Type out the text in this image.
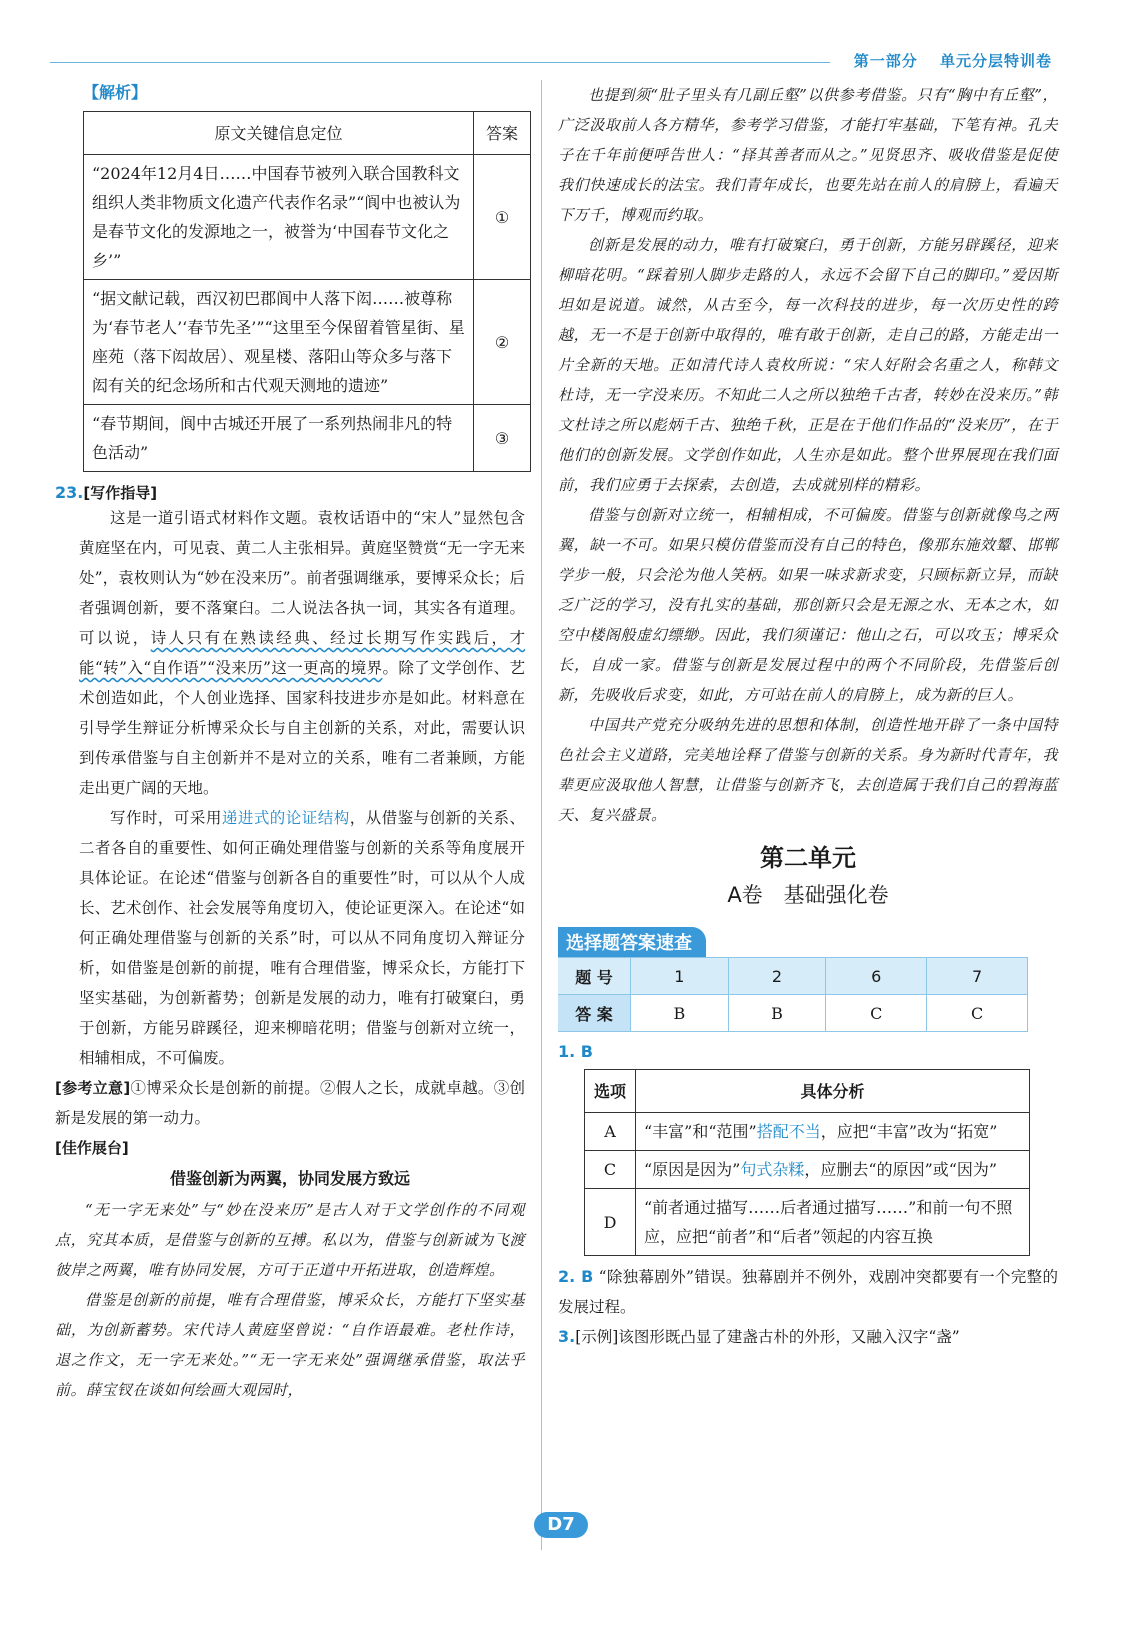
第一部分 单元分层特训卷

【解析】

原文关键信息定位	答案
“2024年12月4日……中国春节被列入联合国教科文组织人类非物质文化遗产代表作名录”“阆中也被认为是春节文化的发源地之一，被誉为‘中国春节文化之乡’”	①
“据文献记载，西汉初巴郡阆中人落下闳……被尊称为‘春节老人’‘春节先圣’”“这里至今保留着管星街、星座苑（落下闳故居）、观星楼、落阳山等众多与落下闳有关的纪念场所和古代观天测地的遗迹”	②
“春节期间，阆中古城还开展了一系列热闹非凡的特色活动”	③

23.[写作指导]

这是一道引语式材料作文题。袁枚话语中的“宋人”显然包含黄庭坚在内，可见袁、黄二人主张相异。黄庭坚赞赏“无一字无来处”，袁枚则认为“妙在没来历”。前者强调继承，要博采众长；后者强调创新，要不落窠臼。二人说法各执一词，其实各有道理。可以说，诗人只有在熟读经典、经过长期写作实践后，才能“转”入“自作语”“没来历”这一更高的境界。除了文学创作、艺术创造如此，个人创业选择、国家科技进步亦是如此。材料意在引导学生辩证分析博采众长与自主创新的关系，对此，需要认识到传承借鉴与自主创新并不是对立的关系，唯有二者兼顾，方能走出更广阔的天地。

写作时，可采用递进式的论证结构，从借鉴与创新的关系、二者各自的重要性、如何正确处理借鉴与创新的关系等角度展开具体论证。在论述“借鉴与创新各自的重要性”时，可以从个人成长、艺术创作、社会发展等角度切入，使论证更深入。在论述“如何正确处理借鉴与创新的关系”时，可以从不同角度切入辩证分析，如借鉴是创新的前提，唯有合理借鉴，博采众长，方能打下坚实基础，为创新蓄势；创新是发展的动力，唯有打破窠臼，勇于创新，方能另辟蹊径，迎来柳暗花明；借鉴与创新对立统一，相辅相成，不可偏废。

[参考立意]①博采众长是创新的前提。②假人之长，成就卓越。③创新是发展的第一动力。

[佳作展台]

借鉴创新为两翼，协同发展方致远

“无一字无来处”与“妙在没来历”是古人对于文学创作的不同观点，究其本质，是借鉴与创新的互搏。私以为，借鉴与创新诚为飞渡彼岸之两翼，唯有协同发展，方可于正道中开拓进取，创造辉煌。

借鉴是创新的前提，唯有合理借鉴，博采众长，方能打下坚实基础，为创新蓄势。宋代诗人黄庭坚曾说：“自作语最难。老杜作诗，退之作文，无一字无来处。”“无一字无来处”强调继承借鉴，取法乎前。薛宝钗在谈如何绘画大观园时，

也提到须“肚子里头有几副丘壑”以供参考借鉴。只有“胸中有丘壑”，广泛汲取前人各方精华，参考学习借鉴，才能打牢基础，下笔有神。孔夫子在千年前便呼告世人：“择其善者而从之。”见贤思齐、吸收借鉴是促使我们快速成长的法宝。我们青年成长，也要先站在前人的肩膀上，看遍天下万千，博观而约取。

创新是发展的动力，唯有打破窠臼，勇于创新，方能另辟蹊径，迎来柳暗花明。“踩着别人脚步走路的人，永远不会留下自己的脚印。”爱因斯坦如是说道。诚然，从古至今，每一次科技的进步，每一次历史性的跨越，无一不是于创新中取得的，唯有敢于创新，走自己的路，方能走出一片全新的天地。正如清代诗人袁枚所说：“宋人好附会名重之人，称韩文杜诗，无一字没来历。不知此二人之所以独绝千古者，转妙在没来历。”韩文杜诗之所以彪炳千古、独绝千秋，正是在于他们作品的“没来历”，在于他们的创新发展。文学创作如此，人生亦是如此。整个世界展现在我们面前，我们应勇于去探索，去创造，去成就别样的精彩。

借鉴与创新对立统一，相辅相成，不可偏废。借鉴与创新就像鸟之两翼，缺一不可。如果只模仿借鉴而没有自己的特色，像那东施效颦、邯郸学步一般，只会沦为他人笑柄。如果一味求新求变，只顾标新立异，而缺乏广泛的学习，没有扎实的基础，那创新只会是无源之水、无本之木，如空中楼阁般虚幻缥缈。因此，我们须谨记：他山之石，可以攻玉；博采众长，自成一家。借鉴与创新是发展过程中的两个不同阶段，先借鉴后创新，先吸收后求变，如此，方可站在前人的肩膀上，成为新的巨人。

中国共产党充分吸纳先进的思想和体制，创造性地开辟了一条中国特色社会主义道路，完美地诠释了借鉴与创新的关系。身为新时代青年，我辈更应汲取他人智慧，让借鉴与创新齐飞，去创造属于我们自己的碧海蓝天、复兴盛景。

第二单元

A卷　基础强化卷

选择题答案速查
题 号	1	2	6	7
答 案	B	B	C	C

1. B

选项	具体分析
A	“丰富”和“范围”搭配不当，应把“丰富”改为“拓宽”
C	“原因是因为”句式杂糅，应删去“的原因”或“因为”
D	“前者通过描写……后者通过描写……”和前一句不照应，应把“前者”和“后者”领起的内容互换

2. B “除独幕剧外”错误。独幕剧并不例外，戏剧冲突都要有一个完整的发展过程。

3.[示例]该图形既凸显了建盏古朴的外形，又融入汉字“盏”

D7
